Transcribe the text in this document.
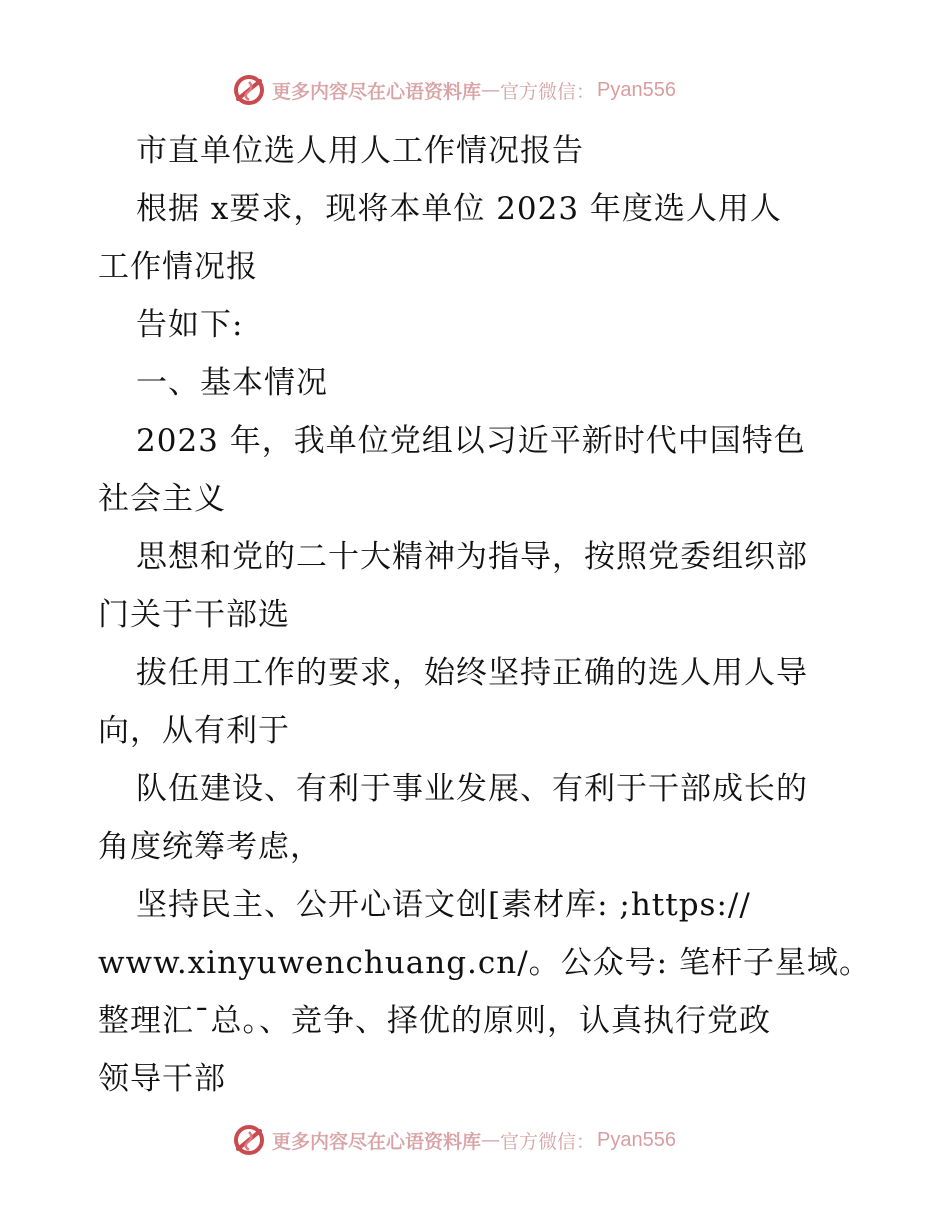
更多内容尽在心语资料库 — 官方微信： Pyan556
市直单位选人用人工作情况报告
根据 x要求，现将本单位 2023 年度选人用人
工作情况报
告如下:
一、基本情况
2023 年，我单位党组以习近平新时代中国特色
社会主义
思想和党的二十大精神为指导，按照党委组织部
门关于干部选
拔任用工作的要求，始终坚持正确的选人用人导
向，从有利于
队伍建设、有利于事业发展、有利于干部成长的
角度统筹考虑，
坚持民主、公开心语文创[素材库: ;https://
www.xinyuwenchuang.cn/。公众号: 笔杆子星域。
整理汇¯总。、竞争、择优的原则，认真执行党政
领导干部
更多内容尽在心语资料库 — 官方微信： Pyan556
